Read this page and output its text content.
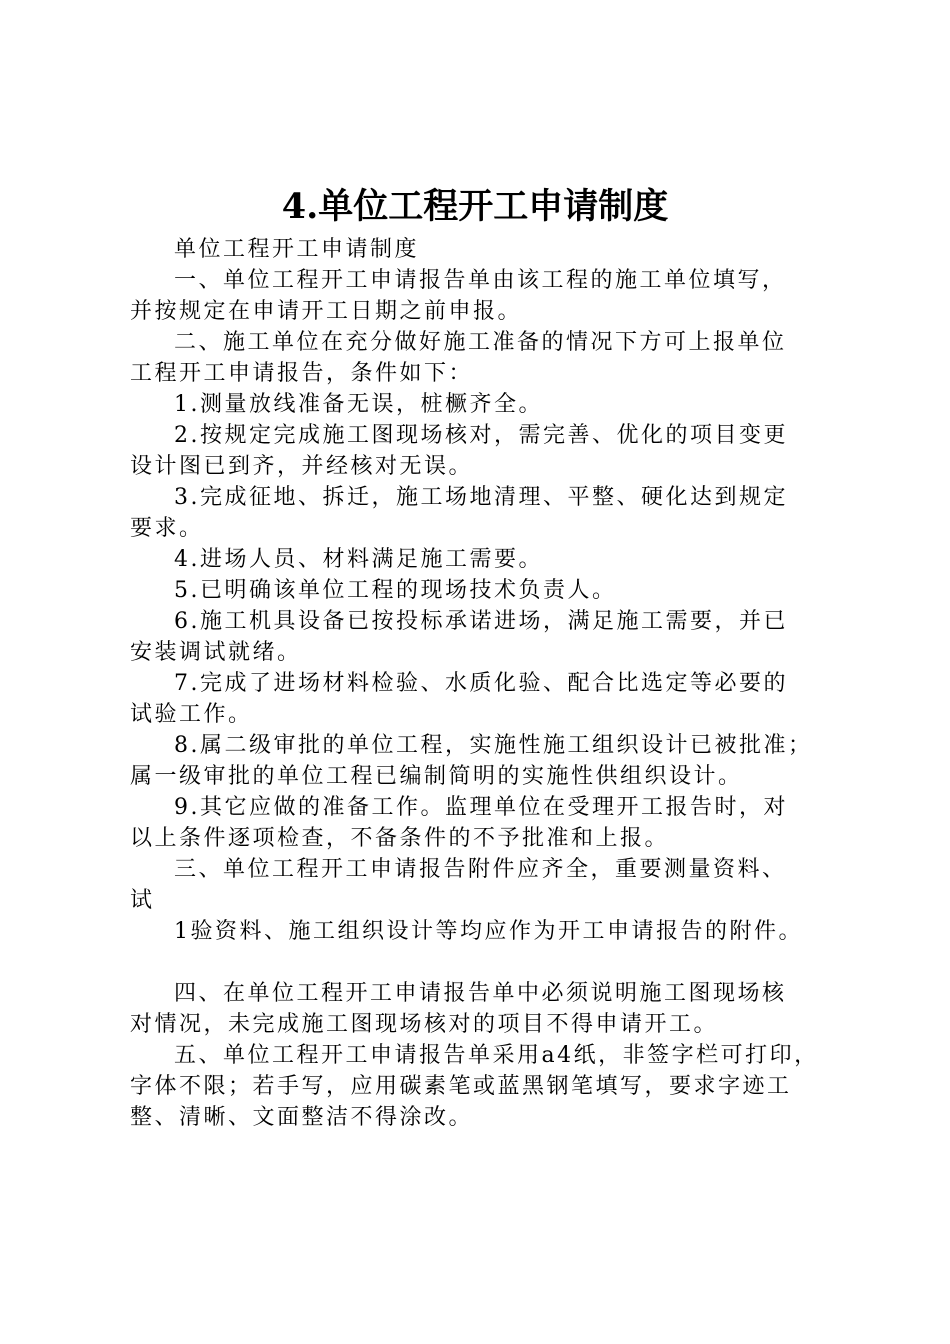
4.单位工程开工申请制度

单位工程开工申请制度

一、单位工程开工申请报告单由该工程的施工单位填写，
并按规定在申请开工日期之前申报。

二、施工单位在充分做好施工准备的情况下方可上报单位
工程开工申请报告，条件如下：

1.测量放线准备无误，桩橛齐全。

2.按规定完成施工图现场核对，需完善、优化的项目变更
设计图已到齐，并经核对无误。

3.完成征地、拆迁，施工场地清理、平整、硬化达到规定
要求。

4.进场人员、材料满足施工需要。

5.已明确该单位工程的现场技术负责人。

6.施工机具设备已按投标承诺进场，满足施工需要，并已
安装调试就绪。

7.完成了进场材料检验、水质化验、配合比选定等必要的
试验工作。

8.属二级审批的单位工程，实施性施工组织设计已被批准；
属一级审批的单位工程已编制简明的实施性供组织设计。

9.其它应做的准备工作。监理单位在受理开工报告时，对
以上条件逐项检查，不备条件的不予批准和上报。

三、单位工程开工申请报告附件应齐全，重要测量资料、
试

1验资料、施工组织设计等均应作为开工申请报告的附件。

四、在单位工程开工申请报告单中必须说明施工图现场核
对情况，未完成施工图现场核对的项目不得申请开工。

五、单位工程开工申请报告单采用a4纸，非签字栏可打印，
字体不限；若手写，应用碳素笔或蓝黑钢笔填写，要求字迹工
整、清晰、文面整洁不得涂改。
